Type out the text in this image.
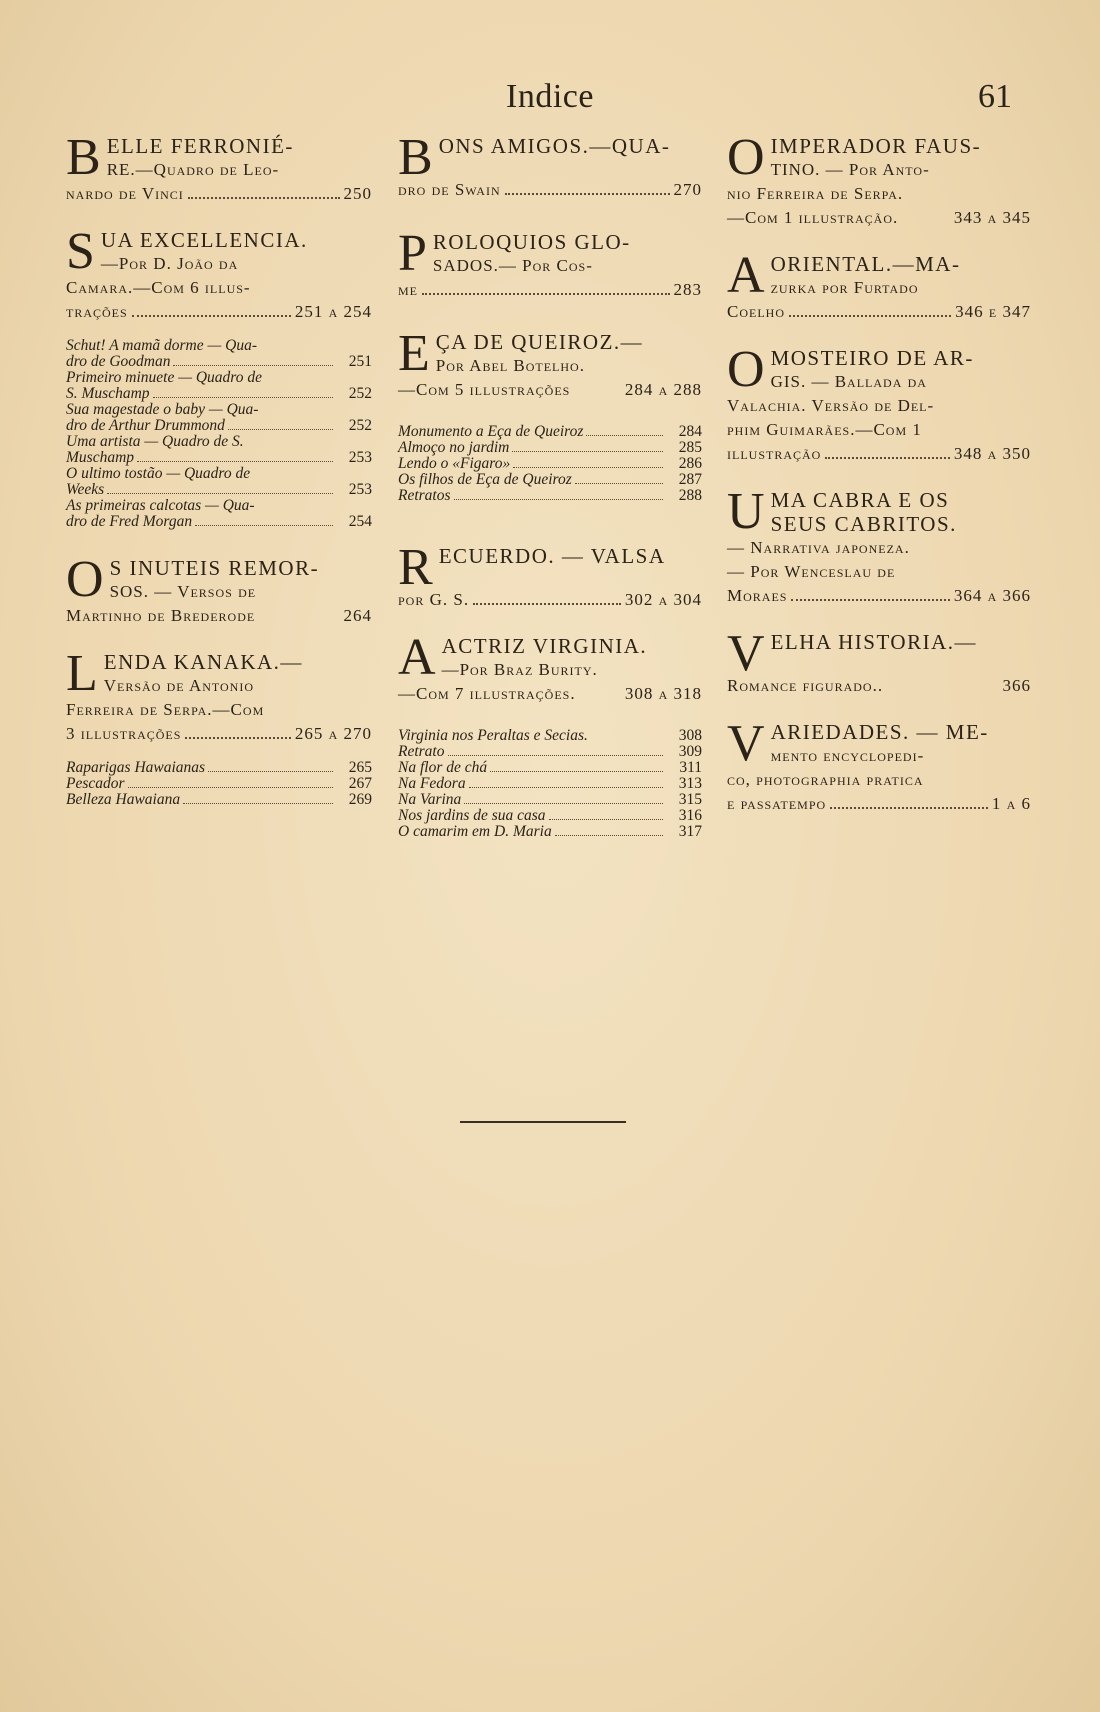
Indice	61
B ELLE FERRONIÉ-

RE.—Quadro de Leo-

nardo de Vinci	250
S UA EXCELLENCIA.

—Por D. João da

Camara.—Com 6 illus-

trações	251 a 254
Schut! A mamã dorme — Qua-
dro de Goodman	251
Primeiro minuete — Quadro de
S. Muschamp	252
Sua magestade o baby — Qua-
dro de Arthur Drummond	252
Uma artista — Quadro de S.
Muschamp	253
O ultimo tostão — Quadro de
Weeks	253
As primeiras calcotas — Qua-
dro de Fred Morgan	254
O S INUTEIS REMOR-

SOS. — Versos de

Martinho de Brederode	264
L ENDA KANAKA.—

Versão de Antonio

Ferreira de Serpa.—Com

3 illustrações	265 a 270
Raparigas Hawaianas	265
Pescador	267
Belleza Hawaiana	269
B ONS AMIGOS.—QUA-

dro de Swain	270
P ROLOQUIOS GLO-

SADOS.— Por Cos-

me	283
E ÇA DE QUEIROZ.—

Por Abel Botelho.

—Com 5 illustrações	284 a 288
Monumento a Eça de Queiroz	284
Almoço no jardim	285
Lendo o «Figaro»	286
Os filhos de Eça de Queiroz	287
Retratos	288
R ECUERDO. — VALSA

por G. S.	302 a 304
A ACTRIZ VIRGINIA.

—Por Braz Burity.

—Com 7 illustrações.	308 a 318
Virginia nos Peraltas e Secias.	308
Retrato	309
Na flor de chá	311
Na Fedora	313
Na Varina	315
Nos jardins de sua casa	316
O camarim em D. Maria	317
O IMPERADOR FAUS-

TINO. — Por Anto-

nio Ferreira de Serpa.

—Com 1 illustração.	343 a 345
A ORIENTAL.—MA-

zurka por Furtado

Coelho	346 e 347
O MOSTEIRO DE AR-

GIS. — Ballada da

Valachia. Versão de Del-

phim Guimarães.—Com 1

illustração	348 a 350
U MA CABRA E OS

SEUS CABRITOS.

— Narrativa japoneza.

— Por Wenceslau de

Moraes	364 a 366
V ELHA HISTORIA.—

Romance figurado..	366
V ARIEDADES. — ME-

mento encyclopedi-

co, photographia pratica

e passatempo	1 a 6
